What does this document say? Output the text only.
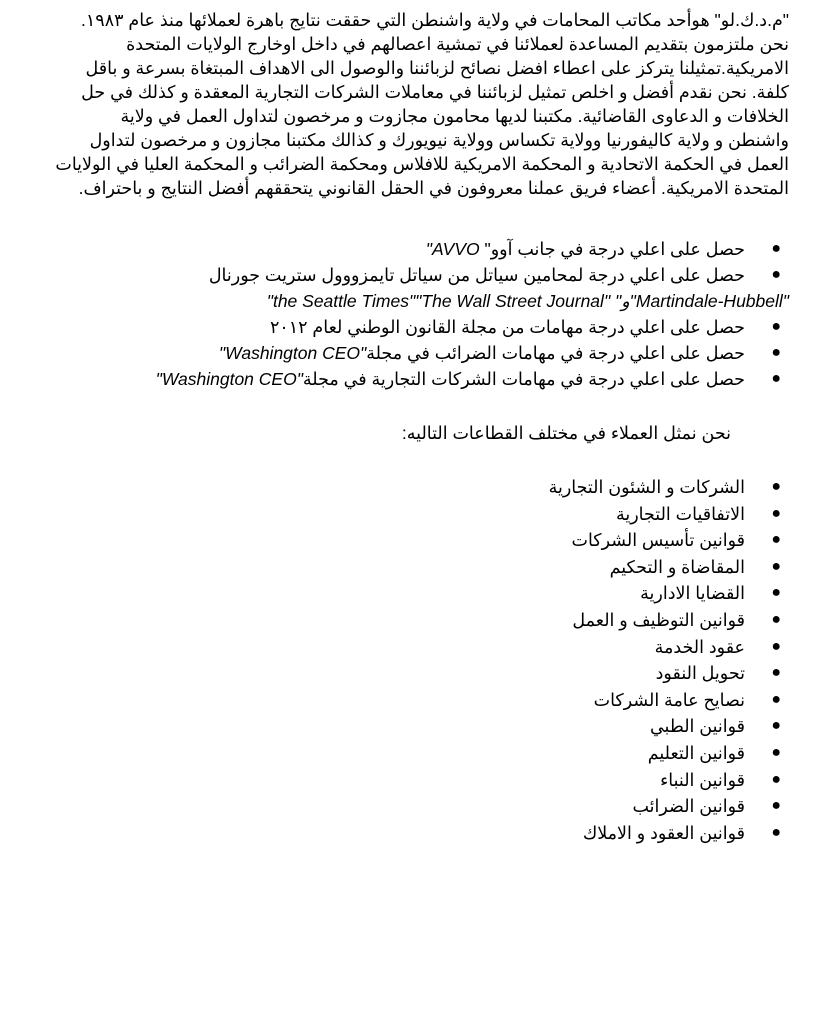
"م.د.ك.لو" هوأحد مكاتب المحامات في ولاية واشنطن التي حققت نتايج باهرة لعملائها منذ عام ١٩٨٣.
نحن ملتزمون بتقديم المساعدة لعملائنا في تمشية اعصالهم في داخل اوخارج الولايات المتحدة
الامريكية.تمثيلنا يتركز على اعطاء افضل نصائح لزبائننا والوصول الى الاهداف المبتغاة بسرعة و باقل
كلفة. نحن نقدم أفضل و اخلص تمثيل لزبائننا في معاملات الشركات التجارية المعقدة و كذلك في حل
الخلافات و الدعاوى القاضائية. مكتبنا لديها محامون مجازوت و مرخصون لتداول العمل في ولاية
واشنطن و ولاية كاليفورنيا وولاية تكساس وولاية نيويورك و كذالك مكتبنا مجازون و مرخصون لتداول
العمل في الحكمة الاتحادية و المحكمة الامريكية للافلاس ومحكمة الضرائب و المحكمة العليا في الولايات
المتحدة الامريكية. أعضاء فريق عملنا معروفون في الحقل القانوني يتحققهم أفضل النتايج و باحتراف.

●
حصل على اعلي درجة في جانب آوو" AVVO"
●
حصل على اعلي درجة لمحامين سياتل من سياتل تايمزووول ستريت جورنال
"Martindale-Hubbell"و" "the Seattle Times""The Wall Street Journal"
●
حصل على اعلي درجة مهامات من مجلة القانون الوطني لعام ٢٠١٢
●
حصل على اعلي درجة في مهامات الضرائب في مجلة"Washington CEO"
●
حصل على اعلي درجة في مهامات الشركات التجارية في مجلة"Washington CEO"

نحن نمثل العملاء في مختلف القطاعات التاليه:

●
الشركات و الشئون التجارية
●
الاتفاقيات التجارية
●
قوانين تأسيس الشركات
●
المقاضاة و التحكيم
●
القضايا الادارية
●
قوانين التوظيف و العمل
●
عقود الخدمة
●
تحويل النقود
●
نصايح عامة الشركات
●
قوانين الطبي
●
قوانين التعليم
●
قوانين النباء
●
قوانين الضرائب
●
قوانين العقود و الاملاك
